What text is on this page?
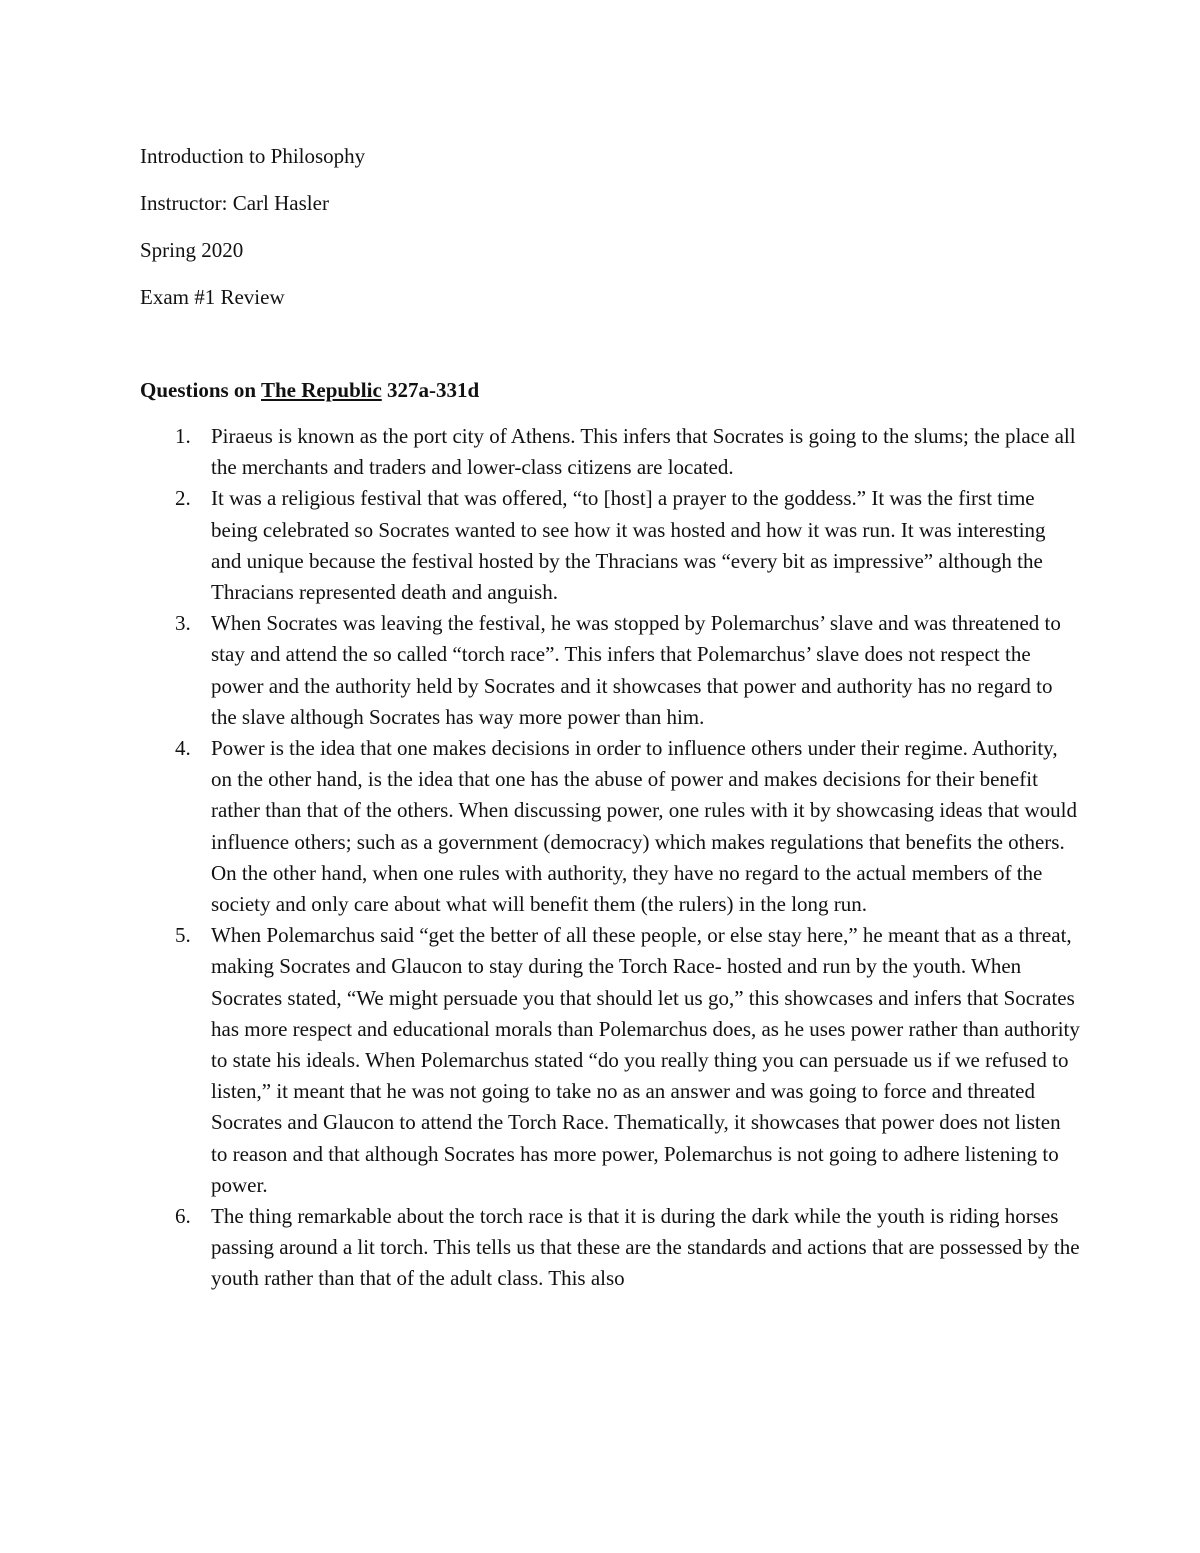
Introduction to Philosophy

Instructor: Carl Hasler

Spring 2020

Exam #1 Review

Questions on The Republic 327a-331d

1. Piraeus is known as the port city of Athens. This infers that Socrates is going to the slums; the place all the merchants and traders and lower-class citizens are located.
2. It was a religious festival that was offered, “to [host] a prayer to the goddess.” It was the first time being celebrated so Socrates wanted to see how it was hosted and how it was run. It was interesting and unique because the festival hosted by the Thracians was “every bit as impressive” although the Thracians represented death and anguish.
3. When Socrates was leaving the festival, he was stopped by Polemarchus’ slave and was threatened to stay and attend the so called “torch race”. This infers that Polemarchus’ slave does not respect the power and the authority held by Socrates and it showcases that power and authority has no regard to the slave although Socrates has way more power than him.
4. Power is the idea that one makes decisions in order to influence others under their regime. Authority, on the other hand, is the idea that one has the abuse of power and makes decisions for their benefit rather than that of the others. When discussing power, one rules with it by showcasing ideas that would influence others; such as a government (democracy) which makes regulations that benefits the others. On the other hand, when one rules with authority, they have no regard to the actual members of the society and only care about what will benefit them (the rulers) in the long run.
5. When Polemarchus said “get the better of all these people, or else stay here,” he meant that as a threat, making Socrates and Glaucon to stay during the Torch Race- hosted and run by the youth. When Socrates stated, “We might persuade you that should let us go,” this showcases and infers that Socrates has more respect and educational morals than Polemarchus does, as he uses power rather than authority to state his ideals. When Polemarchus stated “do you really thing you can persuade us if we refused to listen,” it meant that he was not going to take no as an answer and was going to force and threated Socrates and Glaucon to attend the Torch Race. Thematically, it showcases that power does not listen to reason and that although Socrates has more power, Polemarchus is not going to adhere listening to power.
6. The thing remarkable about the torch race is that it is during the dark while the youth is riding horses passing around a lit torch. This tells us that these are the standards and actions that are possessed by the youth rather than that of the adult class. This also
